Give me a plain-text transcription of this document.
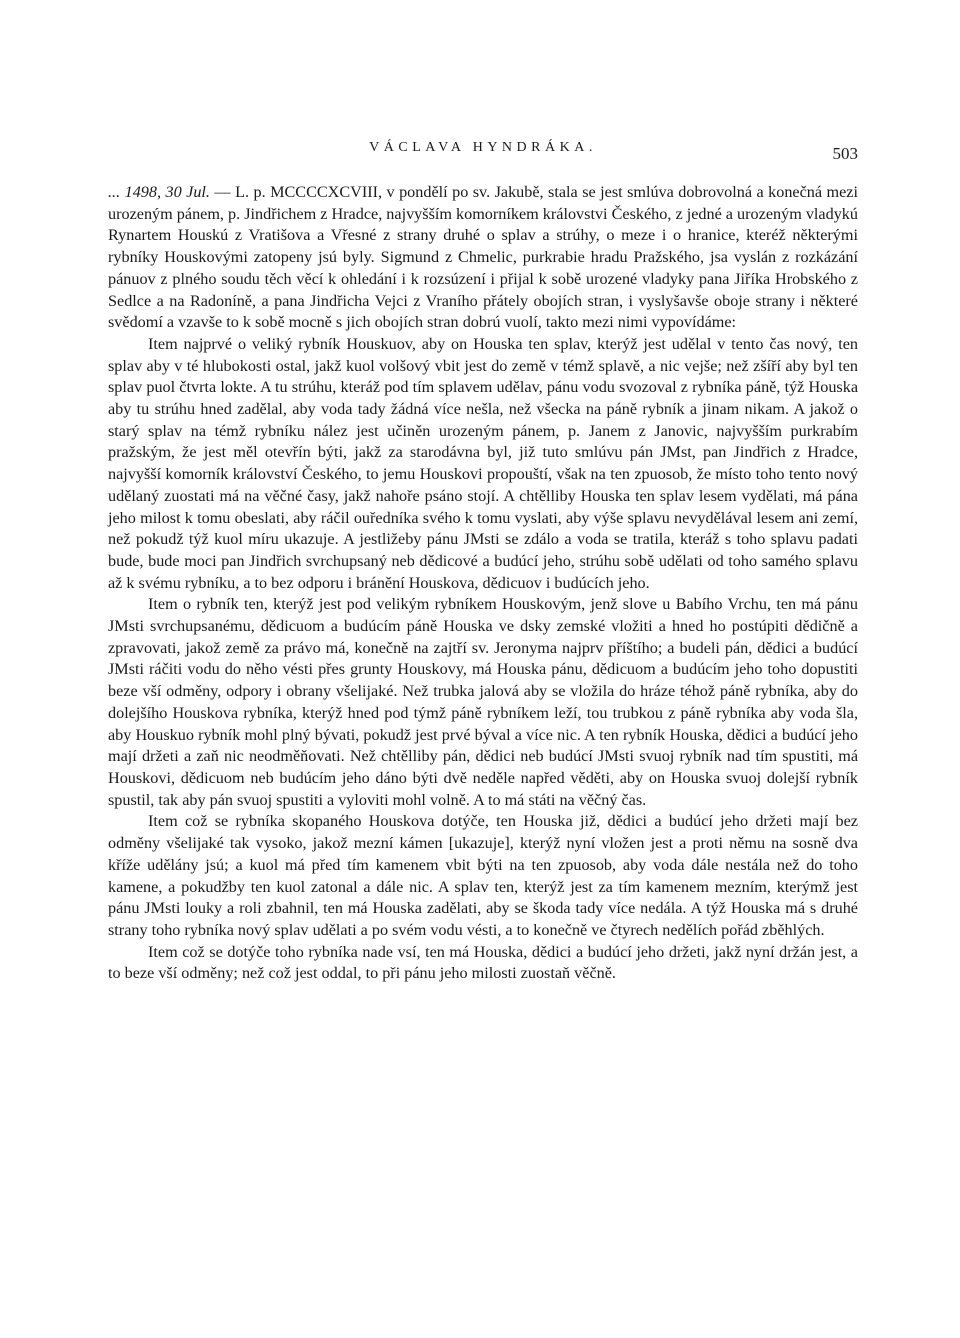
VÁCLAVA HYNDRÁKA.	503

... 1498, 30 Jul. — L. p. MCCCCXCVIII, v pondělí po sv. Jakubě, stala se jest smlúva dobrovolná a konečná mezi urozeným pánem, p. Jindřichem z Hradce, najvyšším komorníkem královstvi Českého, z jedné a urozeným vladykú Rynartem Houskú z Vratišova a Vřesné z strany druhé o splav a strúhy, o meze i o hranice, kteréž některými rybníky Houskovými zatopeny jsú byly. Sigmund z Chmelic, purkrabie hradu Pražského, jsa vyslán z rozkázání pánuov z plného soudu těch věcí k ohledání i k rozsúzení i přijal k sobě urozené vladyky pana Jiříka Hrobského z Sedlce a na Radoníně, a pana Jindřicha Vejci z Vraního přátely obojích stran, i vyslyšavše oboje strany i některé svědomí a vzavše to k sobě mocně s jich obojích stran dobrú vuolí, takto mezi nimi vypovídáme:

Item najprvé o veliký rybník Houskuov, aby on Houska ten splav, kterýž jest udělal v tento čas nový, ten splav aby v té hlubokosti ostal, jakž kuol volšový vbit jest do země v témž splavě, a nic vejše; než zšíří aby byl ten splav puol čtvrta lokte. A tu strúhu, kteráž pod tím splavem udělav, pánu vodu svozoval z rybníka páně, týž Houska aby tu strúhu hned zadělal, aby voda tady žádná více nešla, než všecka na páně rybník a jinam nikam. A jakož o starý splav na témž rybníku nález jest učiněn urozeným pánem, p. Janem z Janovic, najvyšším purkrabím pražským, že jest měl otevřín býti, jakž za starodávna byl, již tuto smlúvu pán JMst, pan Jindřich z Hradce, najvyšší komorník království Českého, to jemu Houskovi propouští, však na ten zpuosob, že místo toho tento nový udělaný zuostati má na věčné časy, jakž nahoře psáno stojí. A chtělliby Houska ten splav lesem vydělati, má pána jeho milost k tomu obeslati, aby ráčil ouředníka svého k tomu vyslati, aby výše splavu nevydělával lesem ani zemí, než pokudž týž kuol míru ukazuje. A jestližeby pánu JMsti se zdálo a voda se tratila, kteráž s toho splavu padati bude, bude moci pan Jindřich svrchupsaný neb dědicové a budúcí jeho, strúhu sobě udělati od toho samého splavu až k svému rybníku, a to bez odporu i bránění Houskova, dědicuov i budúcích jeho.

Item o rybník ten, kterýž jest pod velikým rybníkem Houskovým, jenž slove u Babího Vrchu, ten má pánu JMsti svrchupsanému, dědicuom a budúcím páně Houska ve dsky zemské vložiti a hned ho postúpiti dědičně a zpravovati, jakož země za právo má, konečně na zajtří sv. Jeronyma najprv příštího; a budeli pán, dědici a budúcí JMsti ráčiti vodu do něho vésti přes grunty Houskovy, má Houska pánu, dědicuom a budúcím jeho toho dopustiti beze vší odměny, odpory i obrany všelijaké. Než trubka jalová aby se vložila do hráze téhož páně rybníka, aby do dolejšího Houskova rybníka, kterýž hned pod týmž páně rybníkem leží, tou trubkou z páně rybníka aby voda šla, aby Houskuo rybník mohl plný bývati, pokudž jest prvé býval a více nic. A ten rybník Houska, dědici a budúcí jeho mají držeti a zaň nic neodměňovati. Než chtělliby pán, dědici neb budúcí JMsti svuoj rybník nad tím spustiti, má Houskovi, dědicuom neb budúcím jeho dáno býti dvě neděle napřed věděti, aby on Houska svuoj dolejší rybník spustil, tak aby pán svuoj spustiti a vyloviti mohl volně. A to má státi na věčný čas.

Item což se rybníka skopaného Houskova dotýče, ten Houska již, dědici a budúcí jeho držeti mají bez odměny všelijaké tak vysoko, jakož mezní kámen [ukazuje], kterýž nyní vložen jest a proti němu na sosně dva kříže udělány jsú; a kuol má před tím kamenem vbit býti na ten zpuosob, aby voda dále nestála než do toho kamene, a pokudžby ten kuol zatonal a dále nic. A splav ten, kterýž jest za tím kamenem mezním, kterýmž jest pánu JMsti louky a roli zbahnil, ten má Houska zadělati, aby se škoda tady více nedála. A týž Houska má s druhé strany toho rybníka nový splav udělati a po svém vodu vésti, a to konečně ve čtyrech nedělích pořád zběhlých.

Item což se dotýče toho rybníka nade vsí, ten má Houska, dědici a budúcí jeho držeti, jakž nyní držán jest, a to beze vší odměny; než což jest oddal, to při pánu jeho milosti zuostaň věčně.
